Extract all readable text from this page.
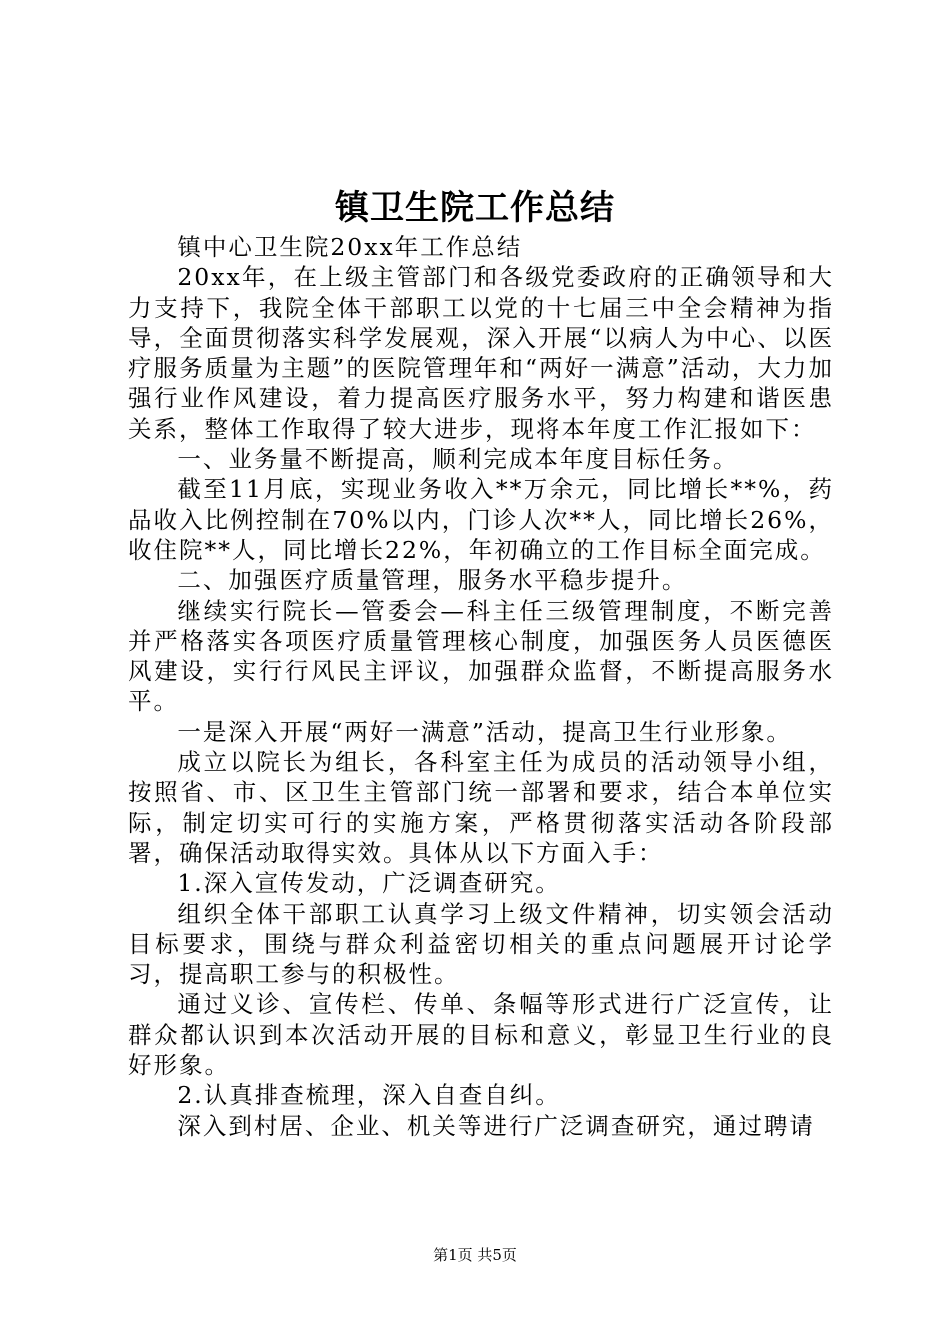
镇卫生院工作总结

镇中心卫生院20xx年工作总结

20xx年，在上级主管部门和各级党委政府的正确领导和大力支持下，我院全体干部职工以党的十七届三中全会精神为指导，全面贯彻落实科学发展观，深入开展“以病人为中心、以医疗服务质量为主题”的医院管理年和“两好一满意”活动，大力加强行业作风建设，着力提高医疗服务水平，努力构建和谐医患关系，整体工作取得了较大进步，现将本年度工作汇报如下：

一、业务量不断提高，顺利完成本年度目标任务。

截至11月底，实现业务收入**万余元，同比增长**%，药品收入比例控制在70%以内，门诊人次**人，同比增长26%，收住院**人，同比增长22%，年初确立的工作目标全面完成。

二、加强医疗质量管理，服务水平稳步提升。

继续实行院长—管委会—科主任三级管理制度，不断完善并严格落实各项医疗质量管理核心制度，加强医务人员医德医风建设，实行行风民主评议，加强群众监督，不断提高服务水平。

一是深入开展“两好一满意”活动，提高卫生行业形象。

成立以院长为组长，各科室主任为成员的活动领导小组，按照省、市、区卫生主管部门统一部署和要求，结合本单位实际，制定切实可行的实施方案，严格贯彻落实活动各阶段部署，确保活动取得实效。具体从以下方面入手：

1.深入宣传发动，广泛调查研究。

组织全体干部职工认真学习上级文件精神，切实领会活动目标要求，围绕与群众利益密切相关的重点问题展开讨论学习，提高职工参与的积极性。

通过义诊、宣传栏、传单、条幅等形式进行广泛宣传，让群众都认识到本次活动开展的目标和意义，彰显卫生行业的良好形象。

2.认真排查梳理，深入自查自纠。

深入到村居、企业、机关等进行广泛调查研究，通过聘请

第1页 共5页
